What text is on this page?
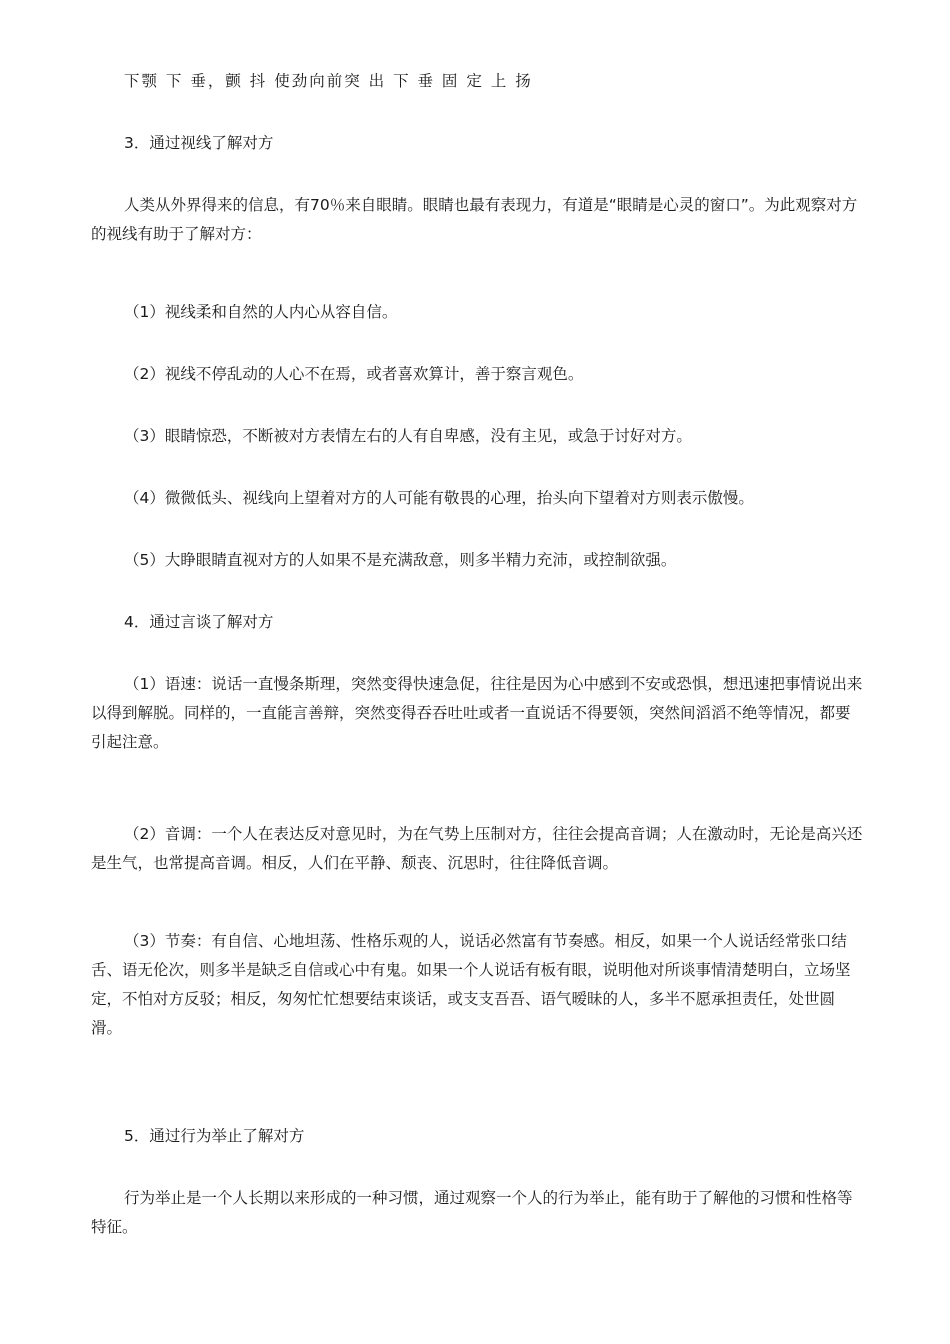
下颚 下 垂，颤 抖 使劲向前突 出 下 垂 固 定 上 扬

3．通过视线了解对方

人类从外界得来的信息，有70％来自眼睛。眼睛也最有表现力，有道是“眼睛是心灵的窗口”。为此观察对方的视线有助于了解对方：

（1）视线柔和自然的人内心从容自信。

（2）视线不停乱动的人心不在焉，或者喜欢算计，善于察言观色。

（3）眼睛惊恐，不断被对方表情左右的人有自卑感，没有主见，或急于讨好对方。

（4）微微低头、视线向上望着对方的人可能有敬畏的心理，抬头向下望着对方则表示傲慢。

（5）大睁眼睛直视对方的人如果不是充满敌意，则多半精力充沛，或控制欲强。

4．通过言谈了解对方

（1）语速：说话一直慢条斯理，突然变得快速急促，往往是因为心中感到不安或恐惧，想迅速把事情说出来以得到解脱。同样的，一直能言善辩，突然变得吞吞吐吐或者一直说话不得要领，突然间滔滔不绝等情况，都要引起注意。

（2）音调：一个人在表达反对意见时，为在气势上压制对方，往往会提高音调；人在激动时，无论是高兴还是生气，也常提高音调。相反，人们在平静、颓丧、沉思时，往往降低音调。

（3）节奏：有自信、心地坦荡、性格乐观的人，说话必然富有节奏感。相反，如果一个人说话经常张口结舌、语无伦次，则多半是缺乏自信或心中有鬼。如果一个人说话有板有眼，说明他对所谈事情清楚明白，立场坚定，不怕对方反驳；相反，匆匆忙忙想要结束谈话，或支支吾吾、语气暧昧的人，多半不愿承担责任，处世圆滑。

5．通过行为举止了解对方

行为举止是一个人长期以来形成的一种习惯，通过观察一个人的行为举止，能有助于了解他的习惯和性格等特征。
